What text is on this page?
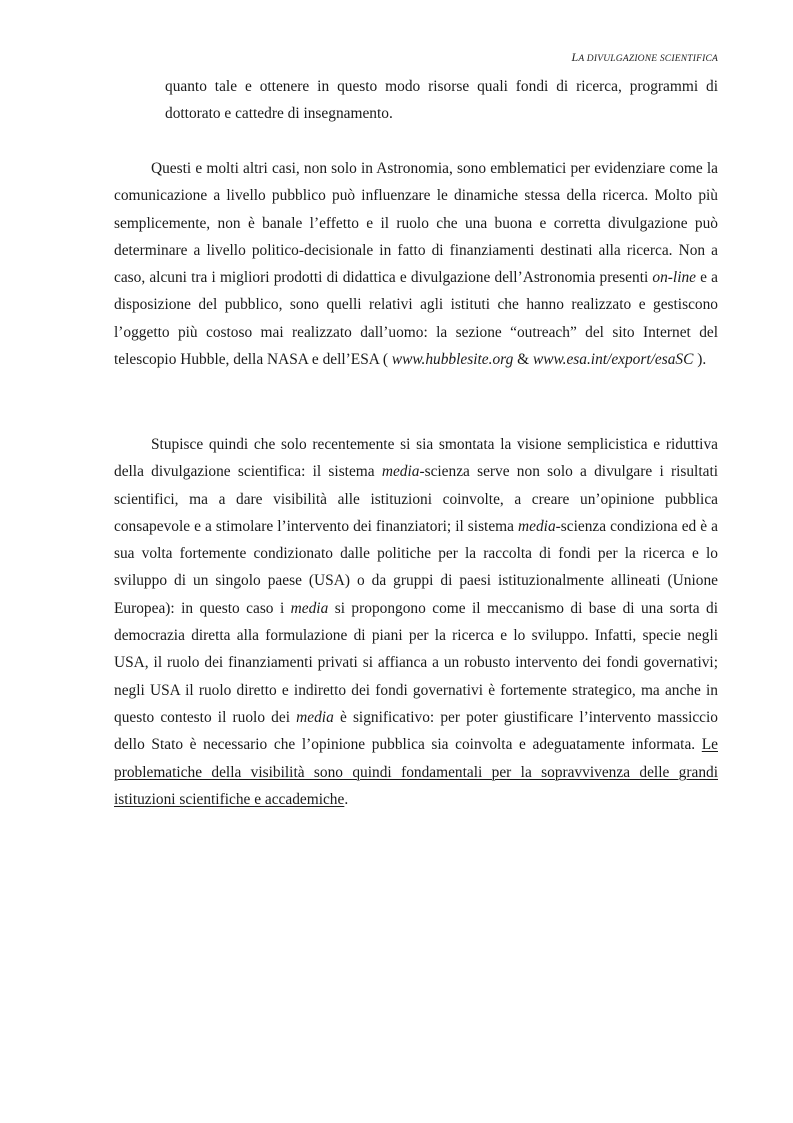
LA DIVULGAZIONE SCIENTIFICA

quanto tale e ottenere in questo modo risorse quali fondi di ricerca, programmi di dottorato e cattedre di insegnamento.

Questi e molti altri casi, non solo in Astronomia, sono emblematici per evidenziare come la comunicazione a livello pubblico può influenzare le dinamiche stessa della ricerca. Molto più semplicemente, non è banale l’effetto e il ruolo che una buona e corretta divulgazione può determinare a livello politico-decisionale in fatto di finanziamenti destinati alla ricerca. Non a caso, alcuni tra i migliori prodotti di didattica e divulgazione dell’Astronomia presenti on-line e a disposizione del pubblico, sono quelli relativi agli istituti che hanno realizzato e gestiscono l’oggetto più costoso mai realizzato dall’uomo: la sezione “outreach” del sito Internet del telescopio Hubble, della NASA e dell’ESA ( www.hubblesite.org & www.esa.int/export/esaSC ).

Stupisce quindi che solo recentemente si sia smontata la visione semplicistica e riduttiva della divulgazione scientifica: il sistema media-scienza serve non solo a divulgare i risultati scientifici, ma a dare visibilità alle istituzioni coinvolte, a creare un’opinione pubblica consapevole e a stimolare l’intervento dei finanziatori; il sistema media-scienza condiziona ed è a sua volta fortemente condizionato dalle politiche per la raccolta di fondi per la ricerca e lo sviluppo di un singolo paese (USA) o da gruppi di paesi istituzionalmente allineati (Unione Europea): in questo caso i media si propongono come il meccanismo di base di una sorta di democrazia diretta alla formulazione di piani per la ricerca e lo sviluppo. Infatti, specie negli USA, il ruolo dei finanziamenti privati si affianca a un robusto intervento dei fondi governativi; negli USA il ruolo diretto e indiretto dei fondi governativi è fortemente strategico, ma anche in questo contesto il ruolo dei media è significativo: per poter giustificare l’intervento massiccio dello Stato è necessario che l’opinione pubblica sia coinvolta e adeguatamente informata. Le problematiche della visibilità sono quindi fondamentali per la sopravvivenza delle grandi istituzioni scientifiche e accademiche.
